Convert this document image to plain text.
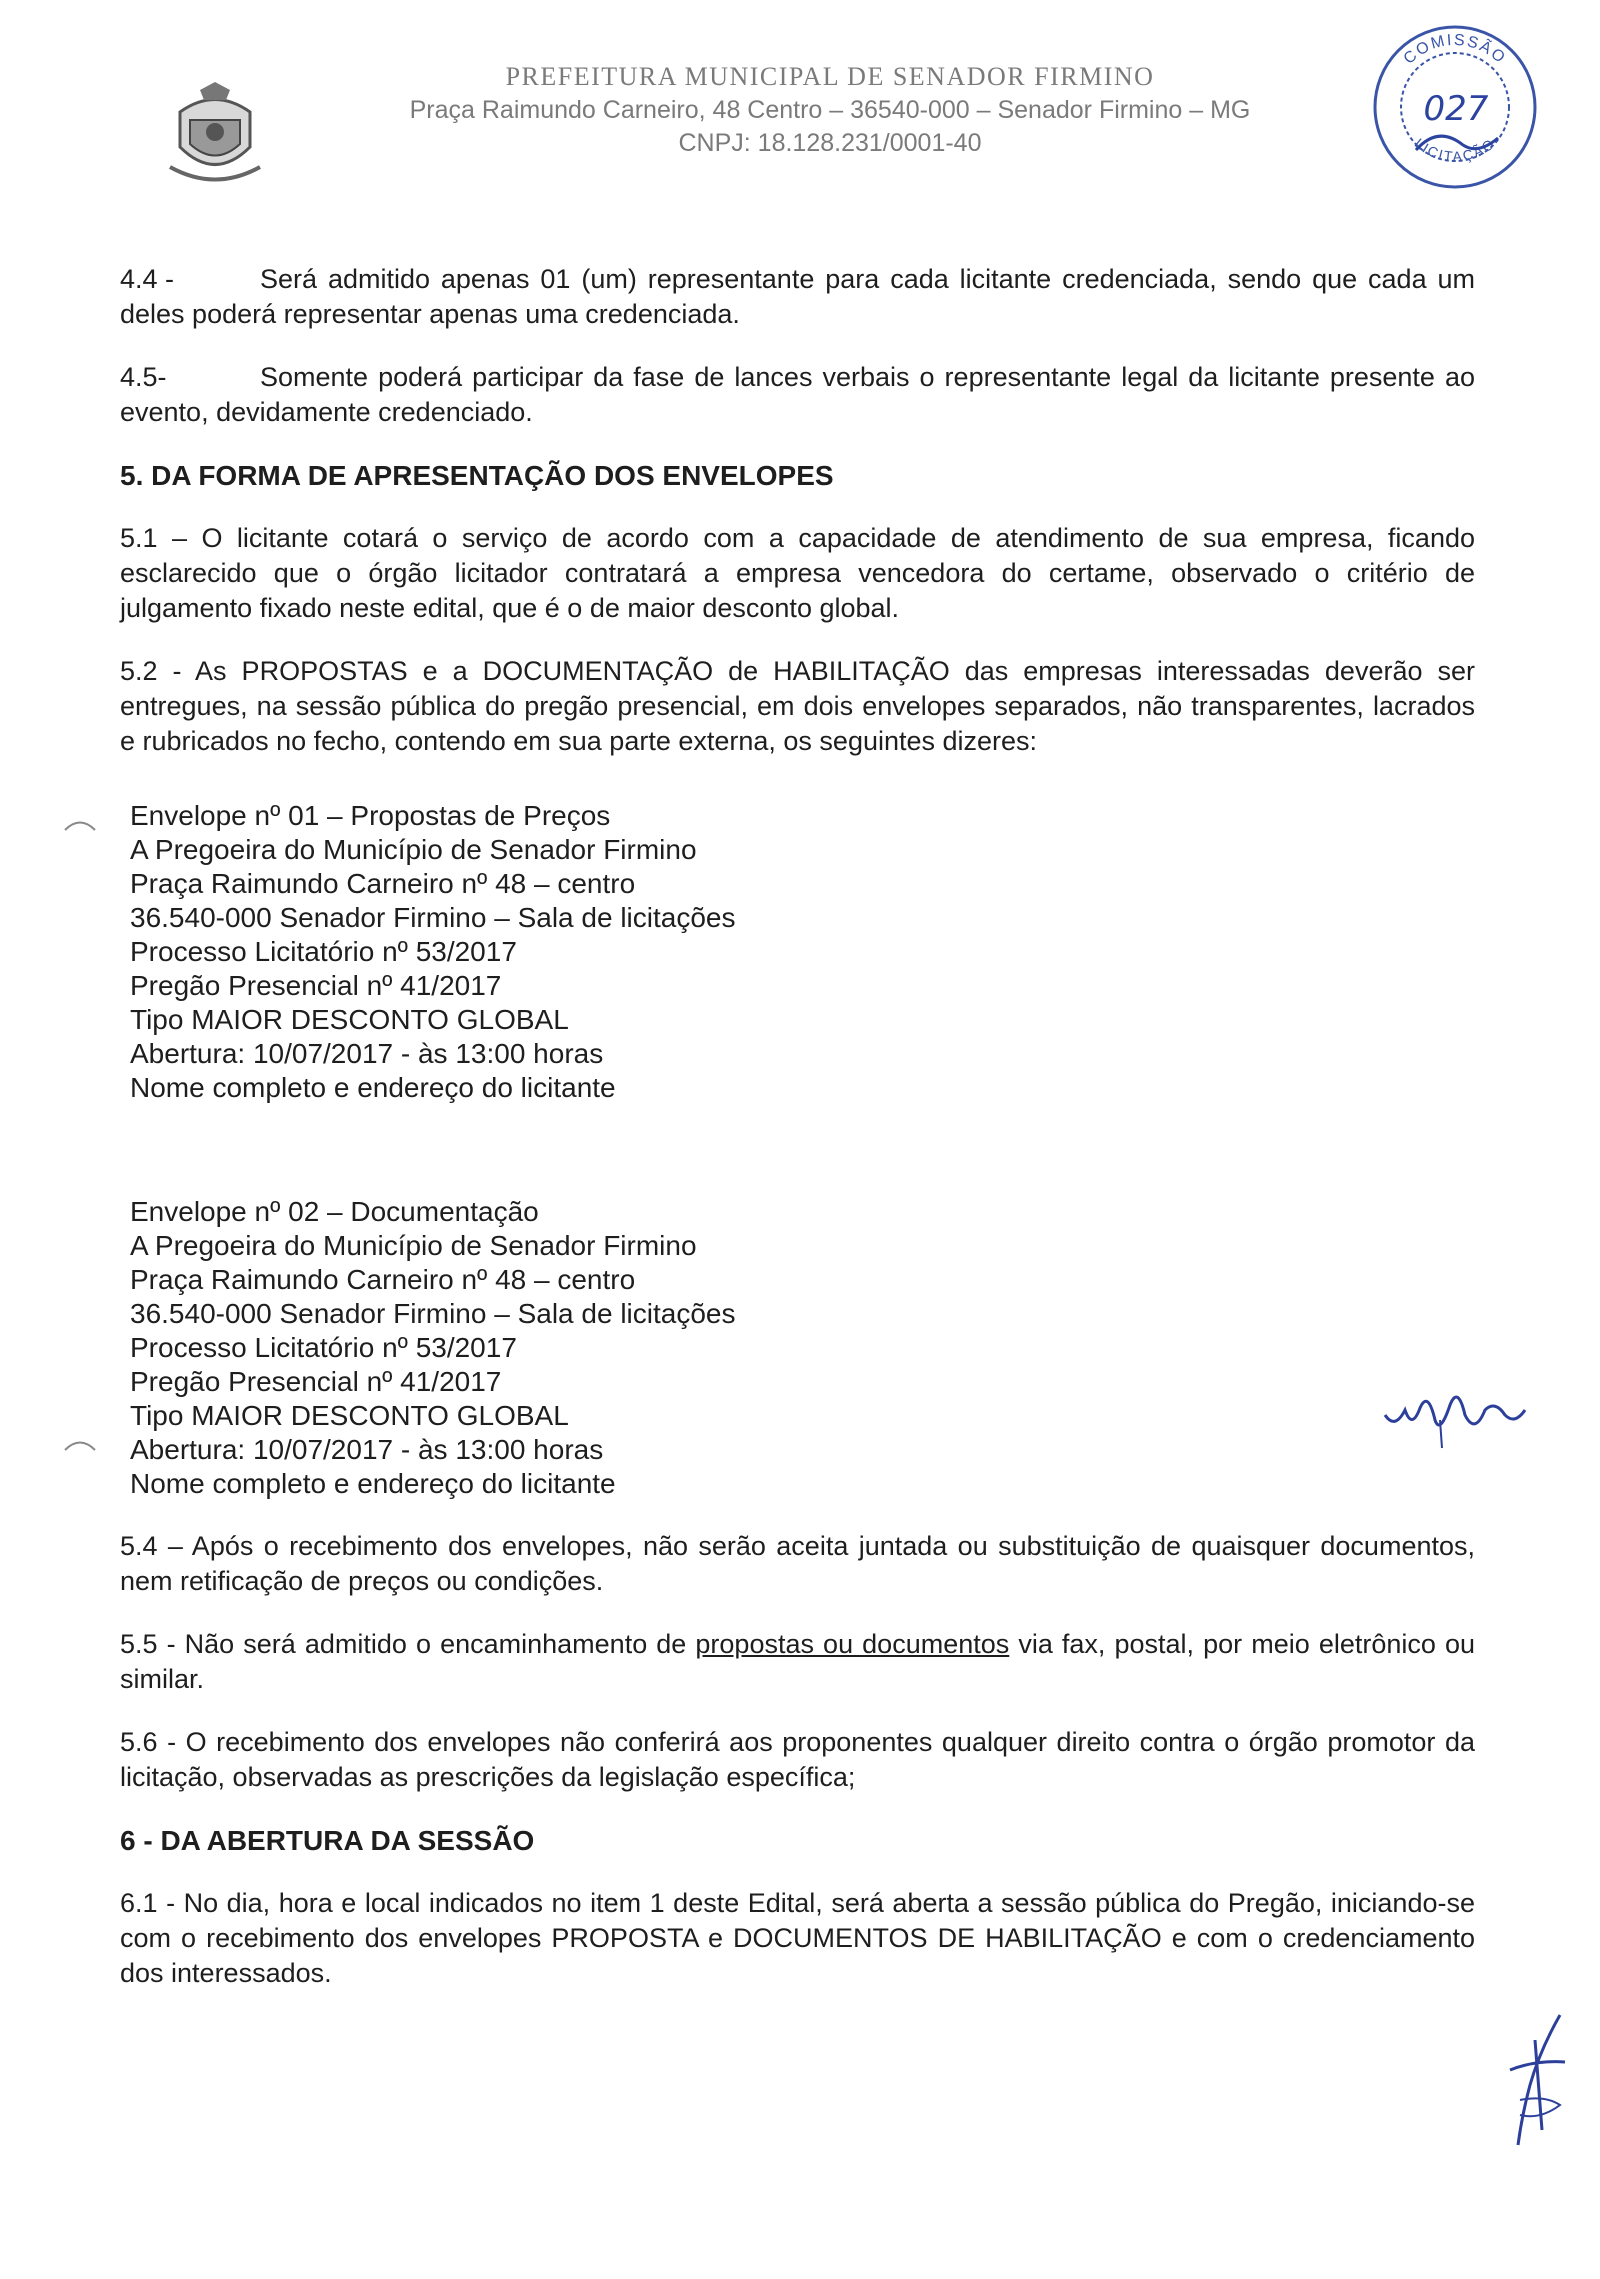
PREFEITURA MUNICIPAL DE SENADOR FIRMINO
Praça Raimundo Carneiro, 48 Centro – 36540-000 – Senador Firmino – MG
CNPJ: 18.128.231/0001-40
COMISSÃO
LICITAÇÃO
027

4.4 -	Será admitido apenas 01 (um) representante para cada licitante credenciada, sendo que cada um deles poderá representar apenas uma credenciada.

4.5-	Somente poderá participar da fase de lances verbais o representante legal da licitante presente ao evento, devidamente credenciado.

5. DA FORMA DE APRESENTAÇÃO DOS ENVELOPES

5.1 – O licitante cotará o serviço de acordo com a capacidade de atendimento de sua empresa, ficando esclarecido que o órgão licitador contratará a empresa vencedora do certame, observado o critério de julgamento fixado neste edital, que é o de maior desconto global.

5.2 - As PROPOSTAS e a DOCUMENTAÇÃO de HABILITAÇÃO das empresas interessadas deverão ser entregues, na sessão pública do pregão presencial, em dois envelopes separados, não transparentes, lacrados e rubricados no fecho, contendo em sua parte externa, os seguintes dizeres:

Envelope nº 01 – Propostas de Preços

A Pregoeira do Município de Senador Firmino

Praça Raimundo Carneiro nº 48 – centro

36.540-000 Senador Firmino – Sala de licitações

Processo Licitatório nº 53/2017

Pregão Presencial nº 41/2017

Tipo MAIOR DESCONTO GLOBAL

Abertura: 10/07/2017 - às 13:00 horas

Nome completo e endereço do licitante

Envelope nº 02 – Documentação

A Pregoeira do Município de Senador Firmino

Praça Raimundo Carneiro nº 48 – centro

36.540-000 Senador Firmino – Sala de licitações

Processo Licitatório nº 53/2017

Pregão Presencial nº 41/2017

Tipo MAIOR DESCONTO GLOBAL

Abertura: 10/07/2017 - às 13:00 horas

Nome completo e endereço do licitante

5.4 – Após o recebimento dos envelopes, não serão aceita juntada ou substituição de quaisquer documentos, nem retificação de preços ou condições.

5.5 - Não será admitido o encaminhamento de propostas ou documentos via fax, postal, por meio eletrônico ou similar.

5.6 - O recebimento dos envelopes não conferirá aos proponentes qualquer direito contra o órgão promotor da licitação, observadas as prescrições da legislação específica;

6 - DA ABERTURA DA SESSÃO

6.1 - No dia, hora e local indicados no item 1 deste Edital, será aberta a sessão pública do Pregão, iniciando-se com o recebimento dos envelopes PROPOSTA e DOCUMENTOS DE HABILITAÇÃO e com o credenciamento dos interessados.
